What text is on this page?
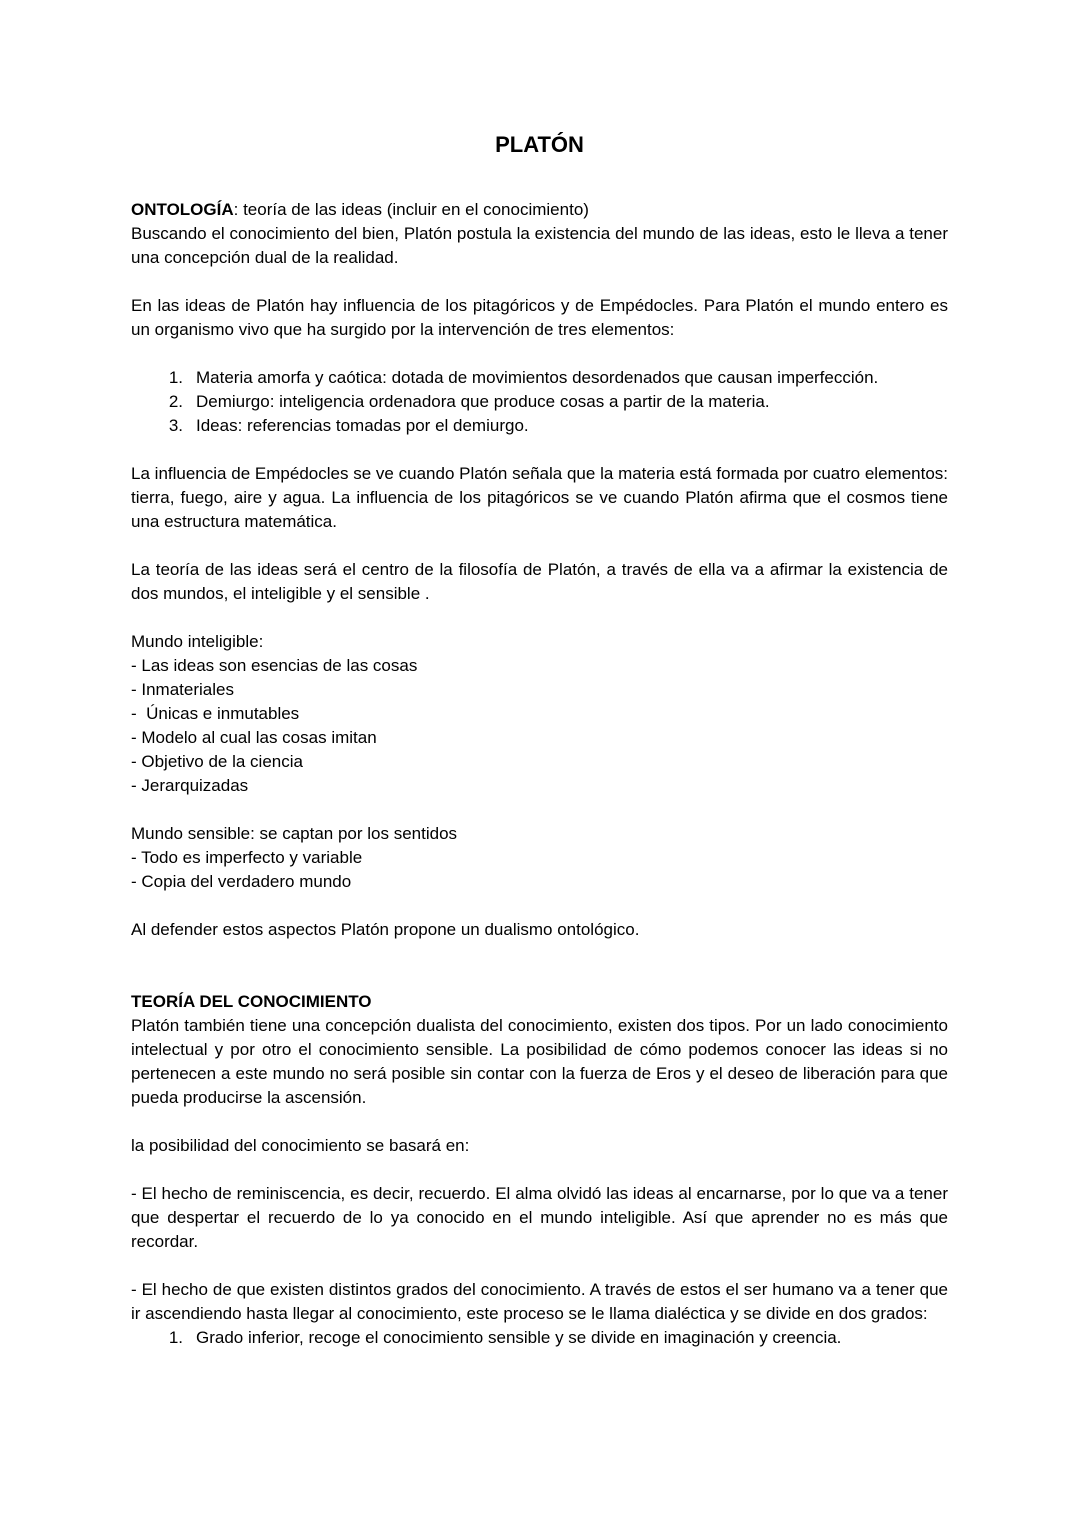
PLATÓN

ONTOLOGÍA: teoría de las ideas (incluir en el conocimiento)

Buscando el conocimiento del bien, Platón postula la existencia del mundo de las ideas, esto le lleva a tener una concepción dual de la realidad.

En las ideas de Platón hay influencia de los pitagóricos y de Empédocles. Para Platón el mundo entero es un organismo vivo que ha surgido por la intervención de tres elementos:

1. Materia amorfa y caótica: dotada de movimientos desordenados que causan imperfección.
2. Demiurgo: inteligencia ordenadora que produce cosas a partir de la materia.
3. Ideas: referencias tomadas por el demiurgo.

La influencia de Empédocles se ve cuando Platón señala que la materia está formada por cuatro elementos: tierra, fuego, aire y agua. La influencia de los pitagóricos se ve cuando Platón afirma que el cosmos tiene una estructura matemática.

La teoría de las ideas será el centro de la filosofía de Platón, a través de ella va a afirmar la existencia de dos mundos, el inteligible y el sensible .

Mundo inteligible:

- Las ideas son esencias de las cosas

- Inmateriales

-  Únicas e inmutables

- Modelo al cual las cosas imitan

- Objetivo de la ciencia

- Jerarquizadas

Mundo sensible: se captan por los sentidos

- Todo es imperfecto y variable

- Copia del verdadero mundo

Al defender estos aspectos Platón propone un dualismo ontológico.

TEORÍA DEL CONOCIMIENTO

Platón también tiene una concepción dualista del conocimiento, existen dos tipos. Por un lado conocimiento intelectual y por otro el conocimiento sensible. La posibilidad de cómo podemos conocer las ideas si no pertenecen a este mundo no será posible sin contar con la fuerza de Eros y el deseo de liberación para que pueda producirse la ascensión.

la posibilidad del conocimiento se basará en:

- El hecho de reminiscencia, es decir, recuerdo. El alma olvidó las ideas al encarnarse, por lo que va a tener que despertar el recuerdo de lo ya conocido en el mundo inteligible. Así que aprender no es más que recordar.

- El hecho de que existen distintos grados del conocimiento. A través de estos el ser humano va a tener que ir ascendiendo hasta llegar al conocimiento, este proceso se le llama dialéctica y se divide en dos grados:

1. Grado inferior, recoge el conocimiento sensible y se divide en imaginación y creencia.
